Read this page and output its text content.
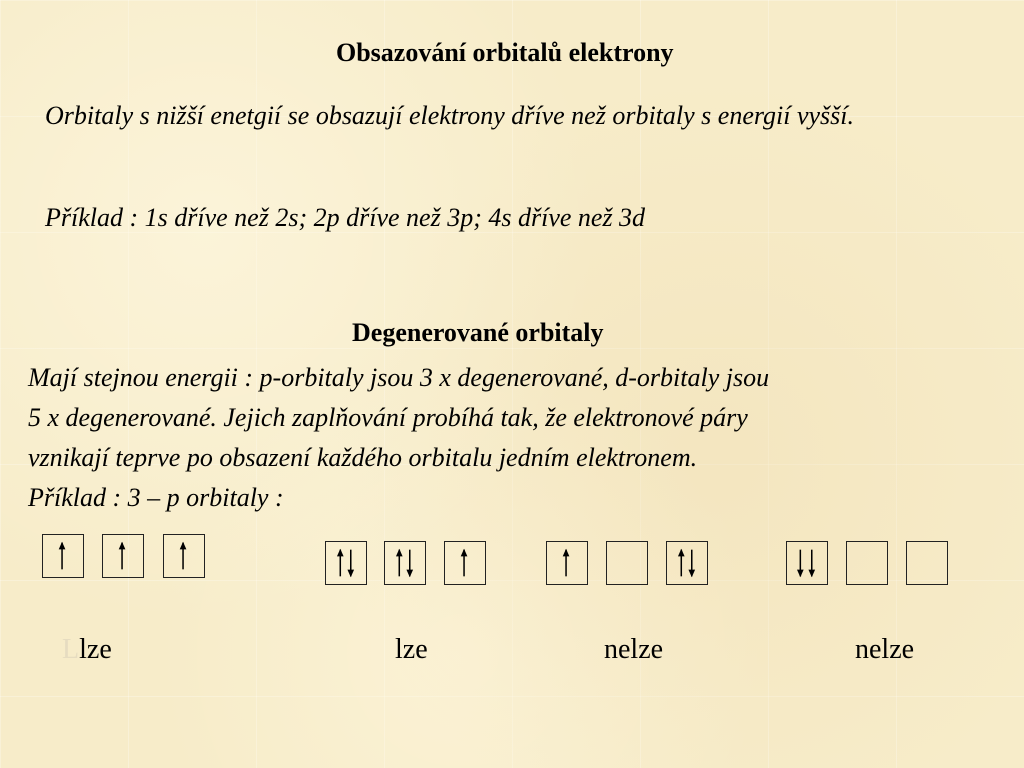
Obsazování orbitalů elektrony
Orbitaly s nižší enetgií se obsazují elektrony dříve než orbitaly s energií vyšší.
Příklad : 1s dříve než 2s; 2p dříve než 3p; 4s dříve než 3d
Degenerované orbitaly
Mají stejnou energii : p-orbitaly jsou 3 x degenerované, d-orbitaly jsou
5 x degenerované. Jejich zaplňování probíhá tak, že elektronové páry
vznikají teprve po obsazení každého orbitalu jedním elektronem.
Příklad : 3 – p orbitaly :
Llze	lze	nelze	nelze
